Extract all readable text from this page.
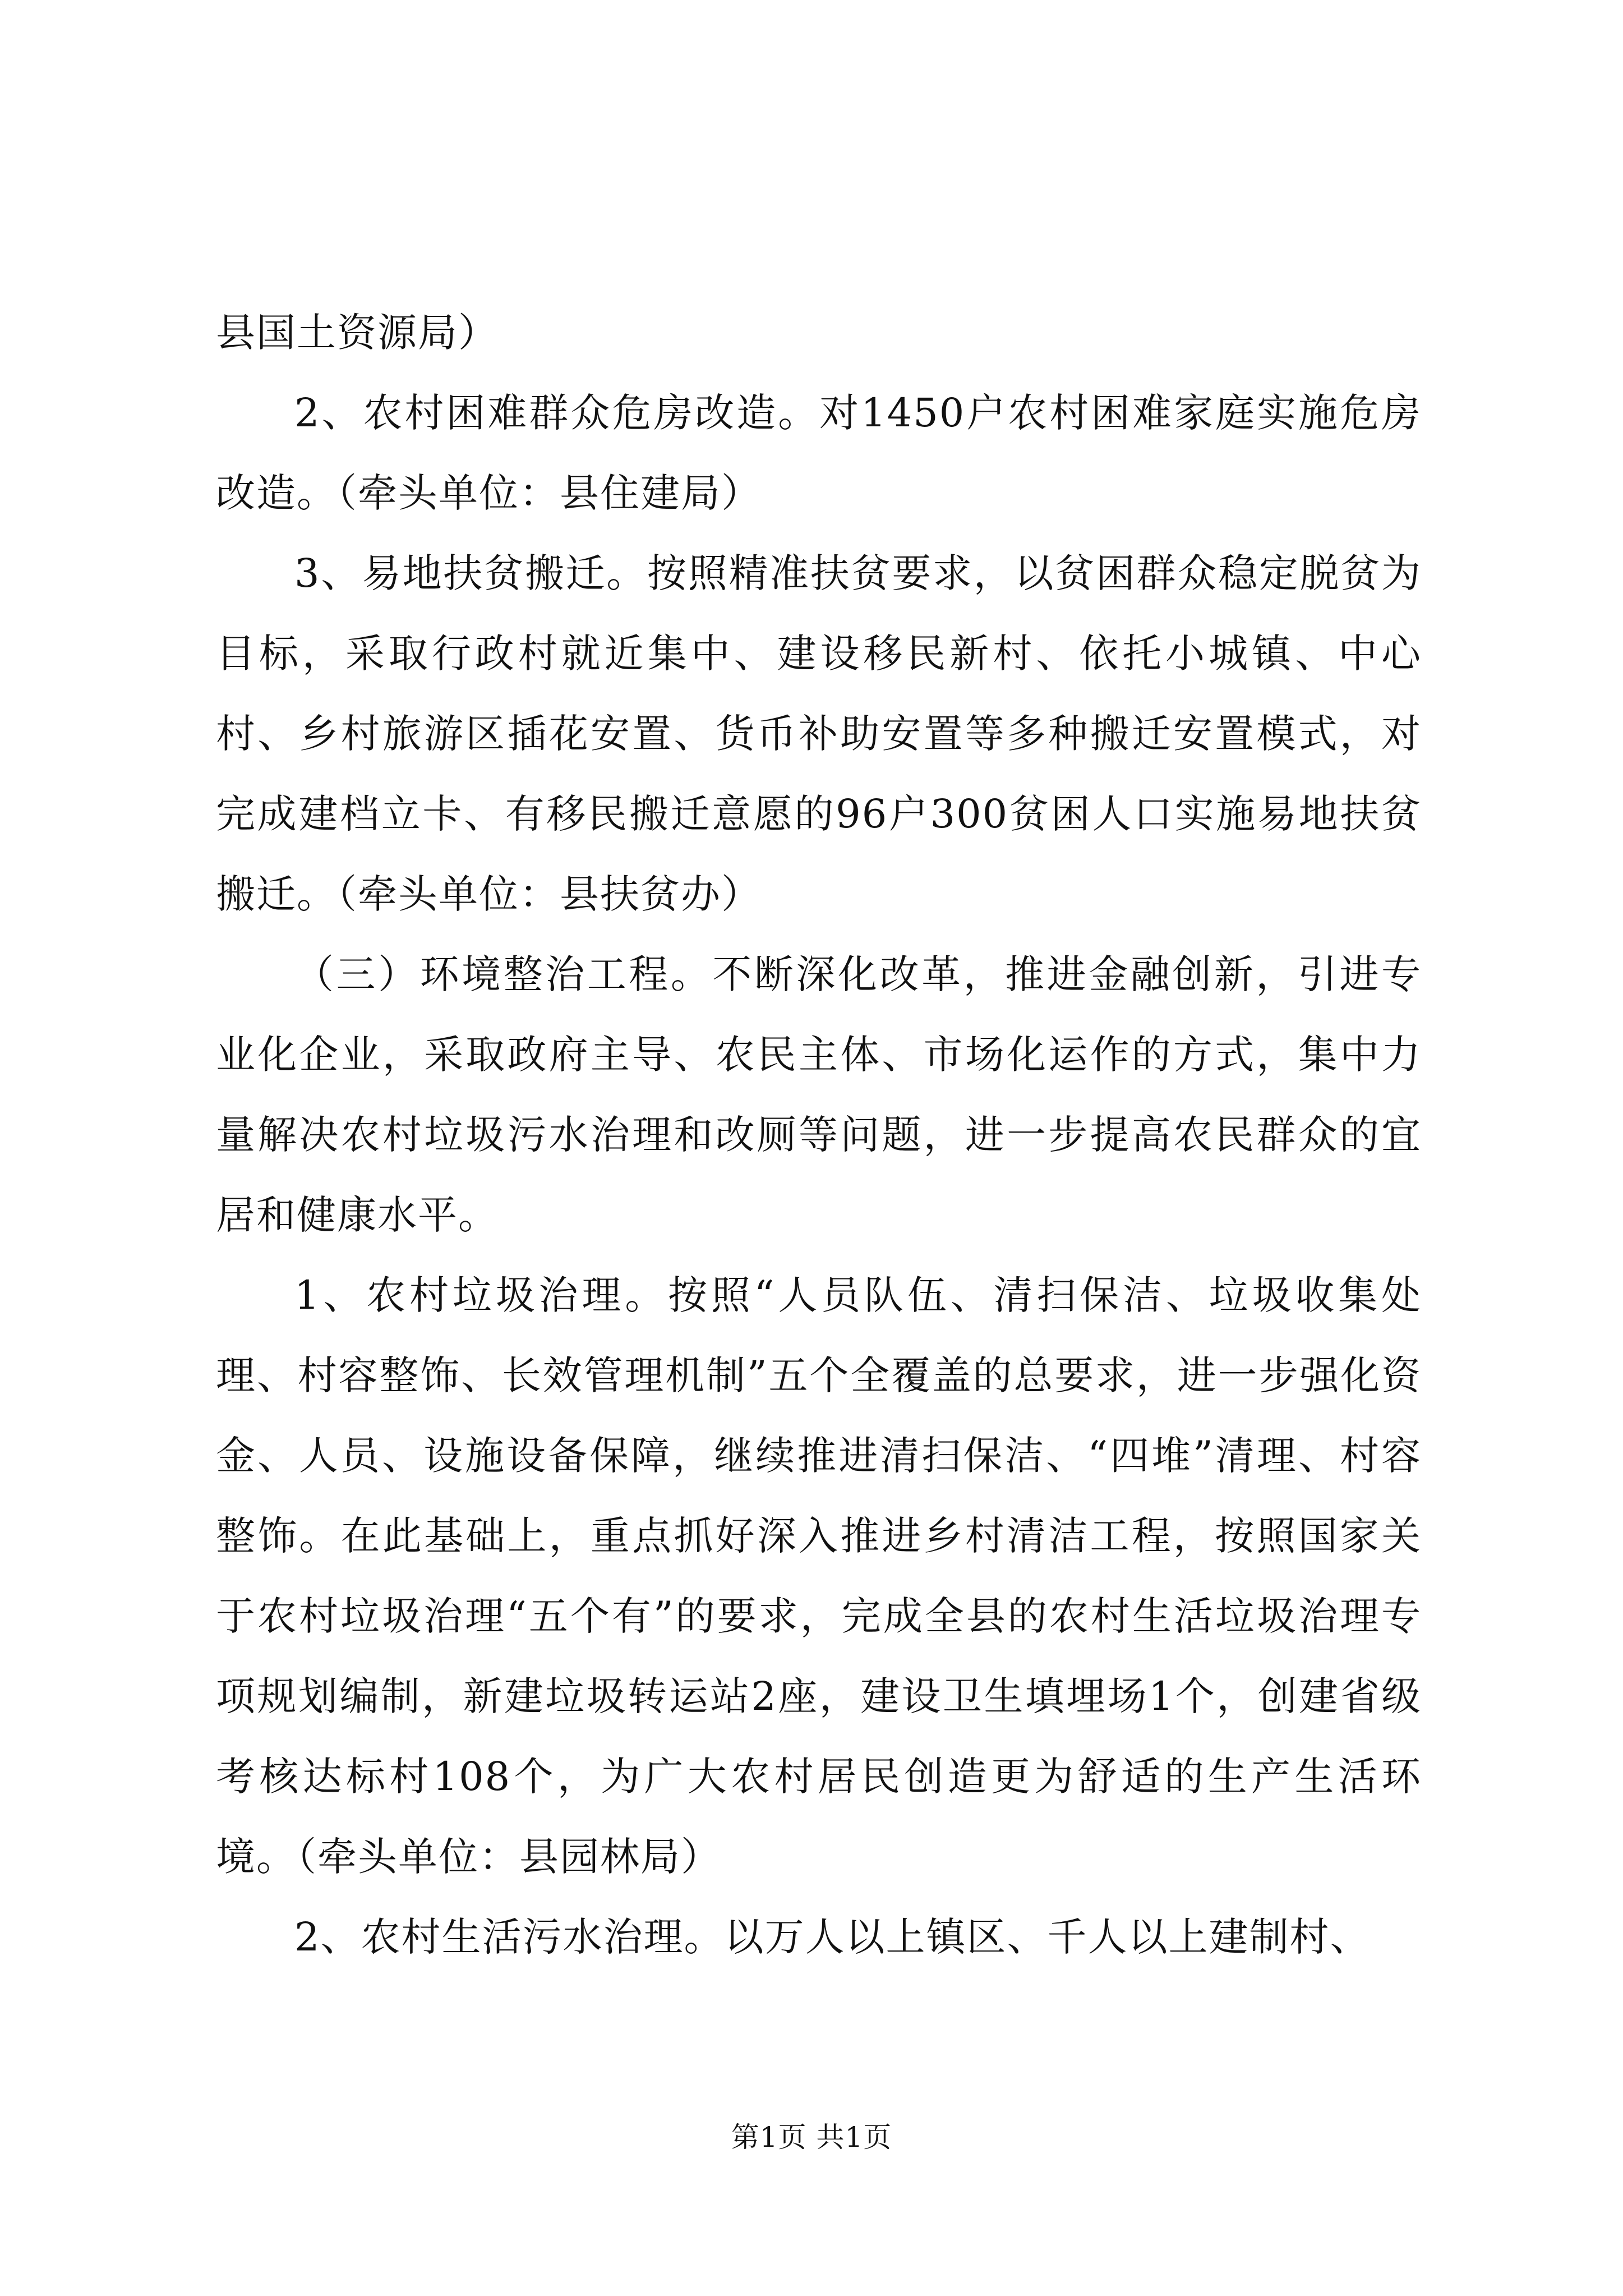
县国土资源局）

2、农村困难群众危房改造。对1450户农村困难家庭实施危房改造。（牵头单位：县住建局）

3、易地扶贫搬迁。按照精准扶贫要求，以贫困群众稳定脱贫为目标，采取行政村就近集中、建设移民新村、依托小城镇、中心村、乡村旅游区插花安置、货币补助安置等多种搬迁安置模式，对完成建档立卡、有移民搬迁意愿的96户300贫困人口实施易地扶贫搬迁。（牵头单位：县扶贫办）

（三）环境整治工程。不断深化改革，推进金融创新，引进专业化企业，采取政府主导、农民主体、市场化运作的方式，集中力量解决农村垃圾污水治理和改厕等问题，进一步提高农民群众的宜居和健康水平。

1、农村垃圾治理。按照“人员队伍、清扫保洁、垃圾收集处理、村容整饰、长效管理机制”五个全覆盖的总要求，进一步强化资金、人员、设施设备保障，继续推进清扫保洁、“四堆”清理、村容整饰。在此基础上，重点抓好深入推进乡村清洁工程，按照国家关于农村垃圾治理“五个有”的要求，完成全县的农村生活垃圾治理专项规划编制，新建垃圾转运站2座，建设卫生填埋场1个，创建省级考核达标村108个，为广大农村居民创造更为舒适的生产生活环境。（牵头单位：县园林局）

2、农村生活污水治理。以万人以上镇区、千人以上建制村、

第1页 共1页
